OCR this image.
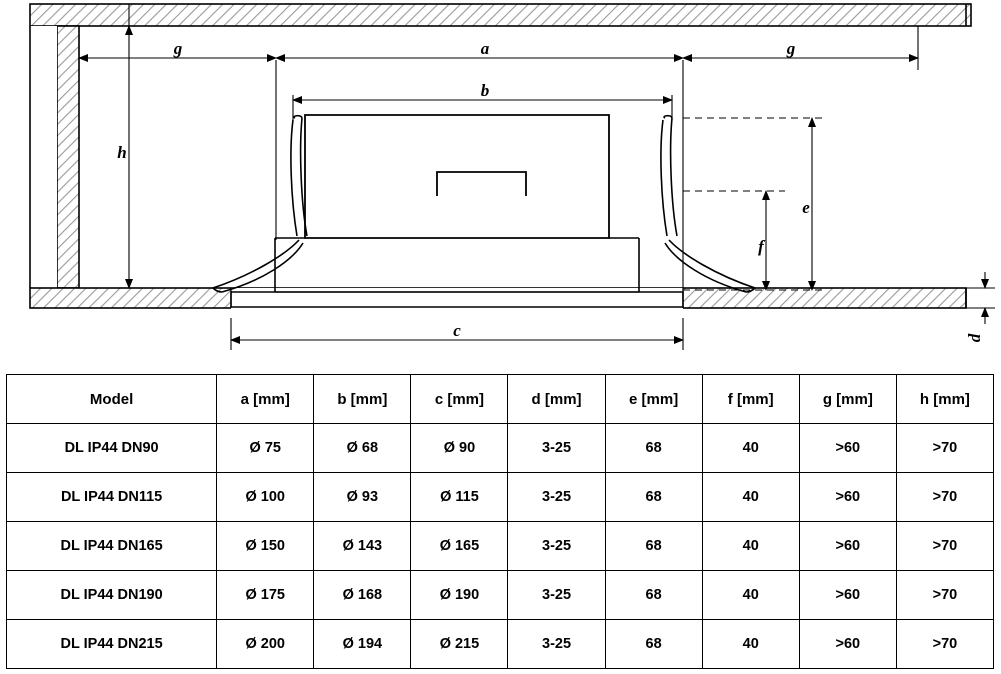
g	a	g
b
h
c
e
f
d
Model	a [mm]	b [mm]	c [mm]	d [mm]	e [mm]	f [mm]	g [mm]	h [mm]
DL IP44 DN90	Ø 75	Ø 68	Ø 90	3-25	68	40	>60	>70
DL IP44 DN115	Ø 100	Ø 93	Ø 115	3-25	68	40	>60	>70
DL IP44 DN165	Ø 150	Ø 143	Ø 165	3-25	68	40	>60	>70
DL IP44 DN190	Ø 175	Ø 168	Ø 190	3-25	68	40	>60	>70
DL IP44 DN215	Ø 200	Ø 194	Ø 215	3-25	68	40	>60	>70
